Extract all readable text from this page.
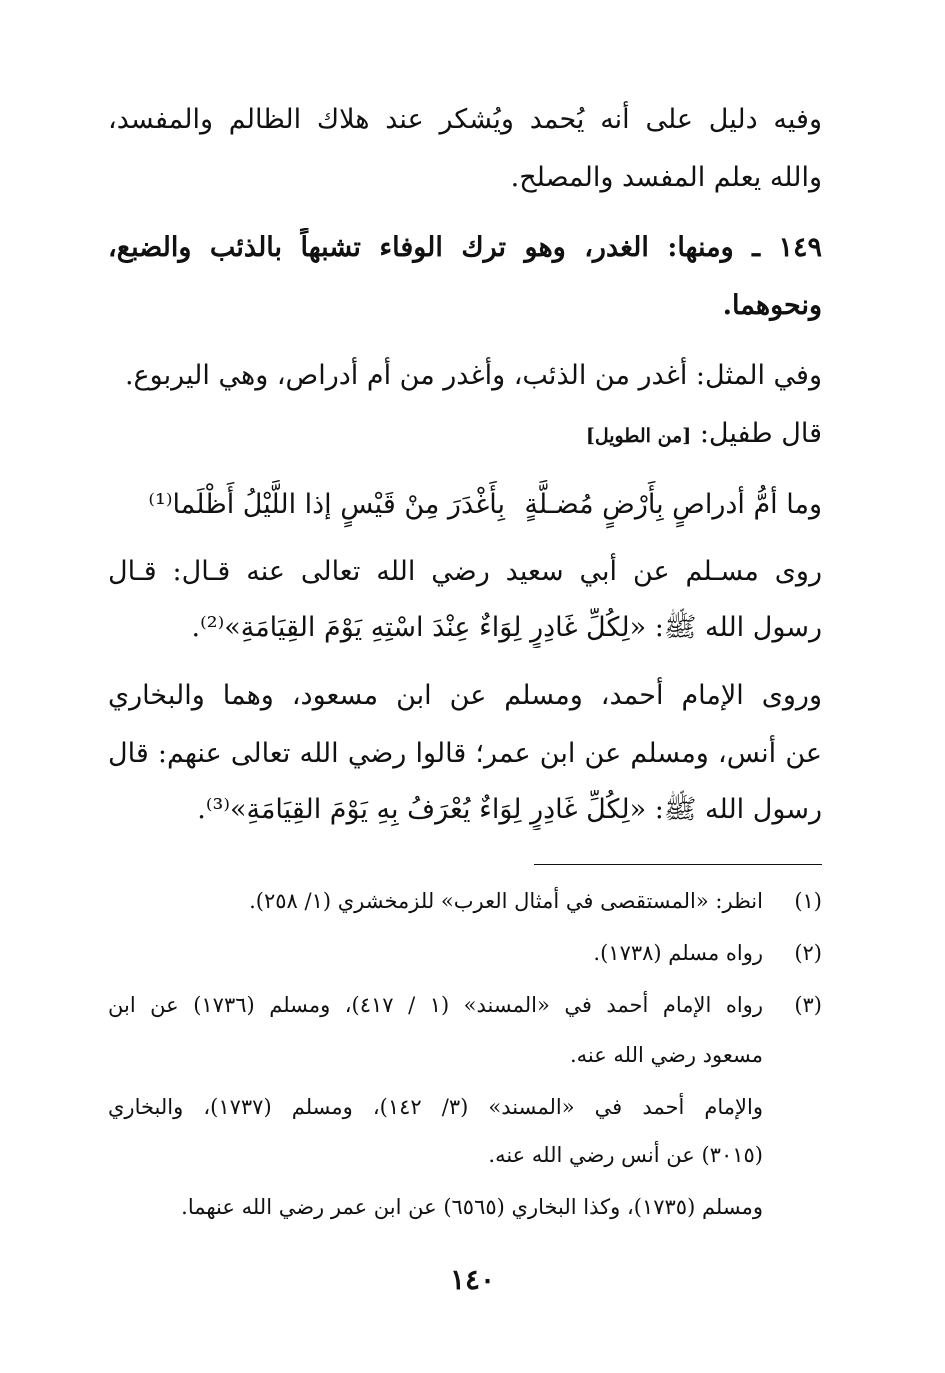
وفيه دليل على أنه يُحمد ويُشكر عند هلاك الظالم والمفسد،
والله يعلم المفسد والمصلح.
١٤٩ ـ ومنها: الغدر، وهو ترك الوفاء تشبهاً بالذئب والضبع،
ونحوهما.
وفي المثل: أغدر من الذئب، وأغدر من أم أدراص، وهي اليربوع.
قال طفيل: [من الطويل]
وما أمُّ أدراصٍ بِأَرْضٍ مُضـلَّةٍ
بِأَغْدَرَ مِنْ قَيْسٍ إذا اللَّيْلُ أَظْلَما⁽¹⁾
روى مسـلم عن أبي سعيد رضي الله تعالى عنه قـال: قـال
رسول الله ﷺ: «لِكُلِّ غَادِرٍ لِوَاءٌ عِنْدَ اسْتِهِ يَوْمَ القِيَامَةِ»⁽²⁾.
وروى الإمام أحمد، ومسلم عن ابن مسعود، وهما والبخاري
عن أنس، ومسلم عن ابن عمر؛ قالوا رضي الله تعالى عنهم: قال
رسول الله ﷺ: «لِكُلِّ غَادِرٍ لِوَاءٌ يُعْرَفُ بِهِ يَوْمَ القِيَامَةِ»⁽³⁾.
(١)
(٢)
(٣)
انظر: «المستقصى في أمثال العرب» للزمخشري (١/ ٢٥٨).
رواه مسلم (١٧٣٨).
رواه الإمام أحمد في «المسند» (١ / ٤١٧)، ومسلم (١٧٣٦) عن ابن
مسعود رضي الله عنه.
والإمام أحمد في «المسند» (٣/ ١٤٢)، ومسلم (١٧٣٧)، والبخاري
(٣٠١٥) عن أنس رضي الله عنه.
ومسلم (١٧٣٥)، وكذا البخاري (٦٥٦٥) عن ابن عمر رضي الله عنهما.
١٤٠
